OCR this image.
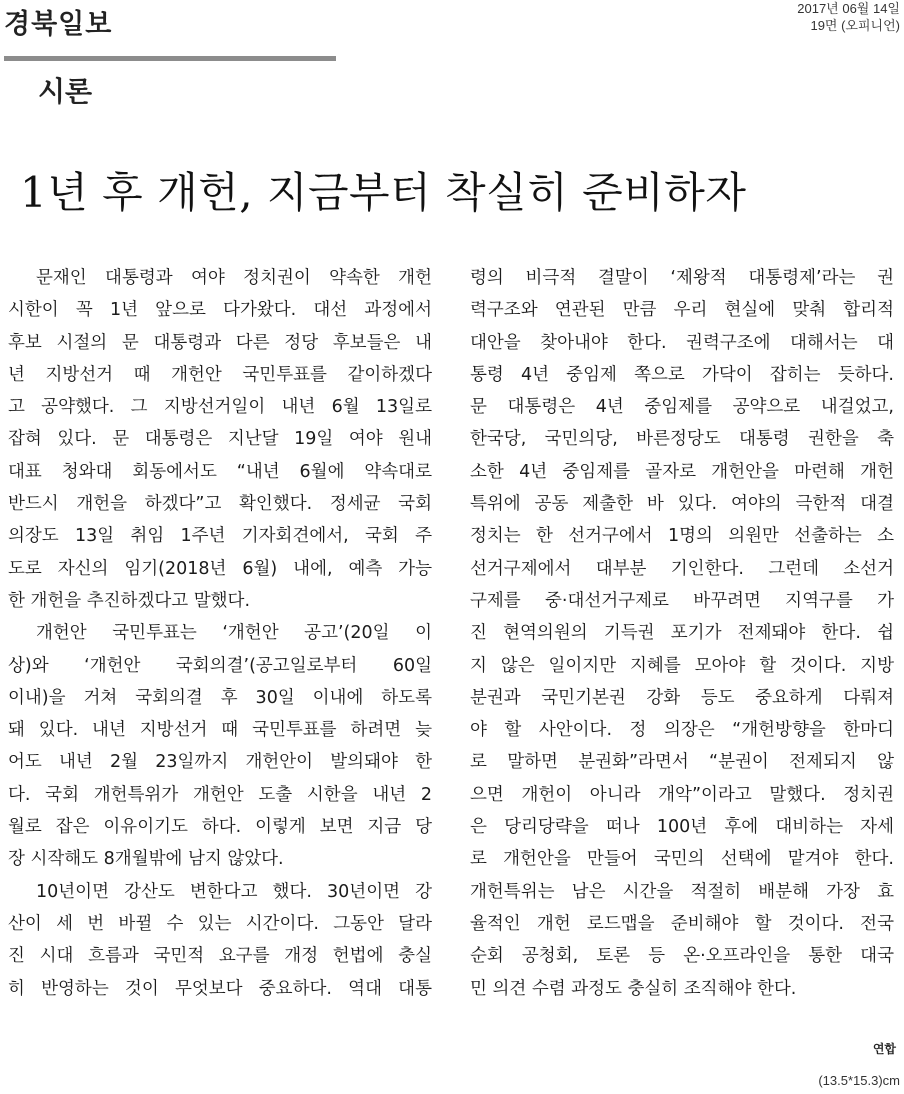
경북일보
2017년 06월 14일
19면 (오피니언)
시론
1년 후 개헌, 지금부터 착실히 준비하자
문재인 대통령과 여야 정치권이 약속한 개헌
시한이 꼭 1년 앞으로 다가왔다. 대선 과정에서
후보 시절의 문 대통령과 다른 정당 후보들은 내
년 지방선거 때 개헌안 국민투표를 같이하겠다
고 공약했다. 그 지방선거일이 내년 6월 13일로
잡혀 있다. 문 대통령은 지난달 19일 여야 원내
대표 청와대 회동에서도 “내년 6월에 약속대로
반드시 개헌을 하겠다”고 확인했다. 정세균 국회
의장도 13일 취임 1주년 기자회견에서, 국회 주
도로 자신의 임기(2018년 6월) 내에, 예측 가능
한 개헌을 추진하겠다고 말했다.
개헌안 국민투표는 ‘개헌안 공고’(20일 이
상)와 ‘개헌안 국회의결’(공고일로부터 60일
이내)을 거쳐 국회의결 후 30일 이내에 하도록
돼 있다. 내년 지방선거 때 국민투표를 하려면 늦
어도 내년 2월 23일까지 개헌안이 발의돼야 한
다. 국회 개헌특위가 개헌안 도출 시한을 내년 2
월로 잡은 이유이기도 하다. 이렇게 보면 지금 당
장 시작해도 8개월밖에 남지 않았다.
10년이면 강산도 변한다고 했다. 30년이면 강
산이 세 번 바뀔 수 있는 시간이다. 그동안 달라
진 시대 흐름과 국민적 요구를 개정 헌법에 충실
히 반영하는 것이 무엇보다 중요하다. 역대 대통
령의 비극적 결말이 ‘제왕적 대통령제’라는 권
력구조와 연관된 만큼 우리 현실에 맞춰 합리적
대안을 찾아내야 한다. 권력구조에 대해서는 대
통령 4년 중임제 쪽으로 가닥이 잡히는 듯하다.
문 대통령은 4년 중임제를 공약으로 내걸었고,
한국당, 국민의당, 바른정당도 대통령 권한을 축
소한 4년 중임제를 골자로 개헌안을 마련해 개헌
특위에 공동 제출한 바 있다. 여야의 극한적 대결
정치는 한 선거구에서 1명의 의원만 선출하는 소
선거구제에서 대부분 기인한다. 그런데 소선거
구제를 중·대선거구제로 바꾸려면 지역구를 가
진 현역의원의 기득권 포기가 전제돼야 한다. 쉽
지 않은 일이지만 지혜를 모아야 할 것이다. 지방
분권과 국민기본권 강화 등도 중요하게 다뤄져
야 할 사안이다. 정 의장은 “개헌방향을 한마디
로 말하면 분권화”라면서 “분권이 전제되지 않
으면 개헌이 아니라 개악”이라고 말했다. 정치권
은 당리당략을 떠나 100년 후에 대비하는 자세
로 개헌안을 만들어 국민의 선택에 맡겨야 한다.
개헌특위는 남은 시간을 적절히 배분해 가장 효
율적인 개헌 로드맵을 준비해야 할 것이다. 전국
순회 공청회, 토론 등 온·오프라인을 통한 대국
민 의견 수렴 과정도 충실히 조직해야 한다.
연합
(13.5*15.3)cm
